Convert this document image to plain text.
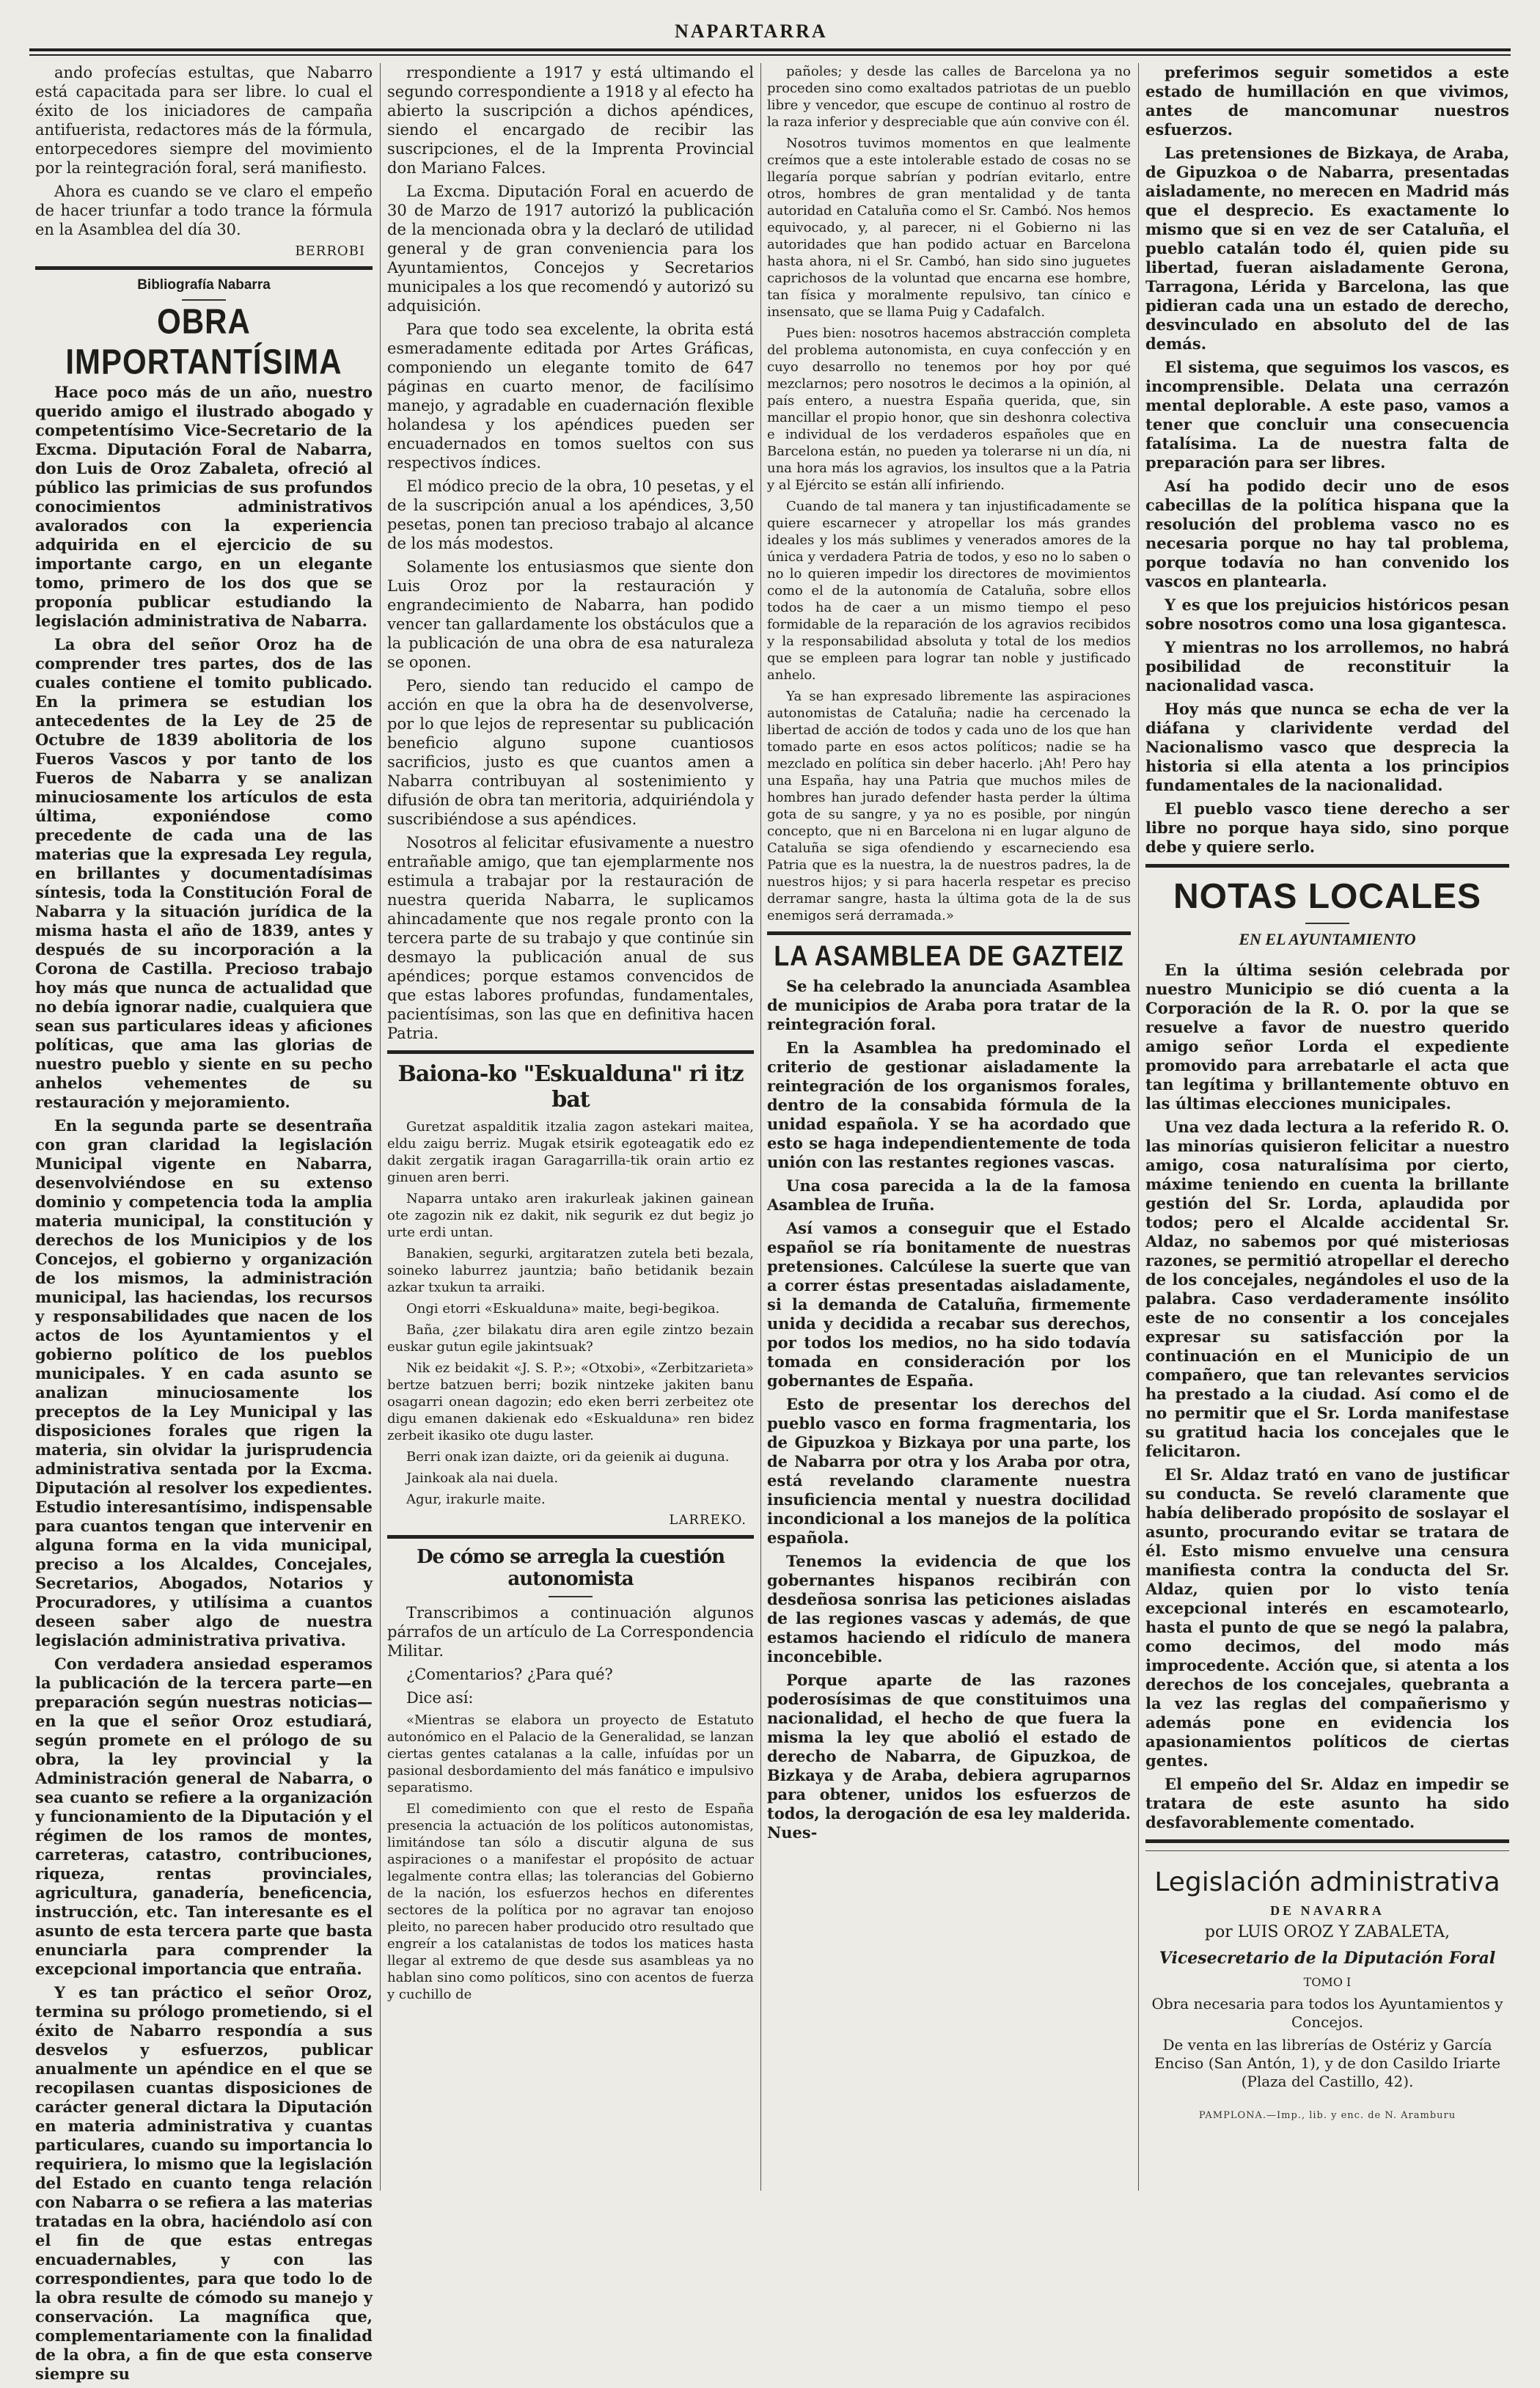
NAPARTARRA

ando profecías estultas, que Nabarro está capacitada para ser libre. lo cual el éxito de los iniciadores de campaña antifuerista, redactores más de la fórmula, entorpecedores siempre del movimiento por la reintegración foral, será manifiesto.

Ahora es cuando se ve claro el empeño de hacer triunfar a todo trance la fórmula en la Asamblea del día 30.

BERROBI
Bibliografía Nabarra
OBRA IMPORTANTÍSIMA

Hace poco más de un año, nuestro querido amigo el ilustrado abogado y competentísimo Vice-Secretario de la Excma. Diputación Foral de Nabarra, don Luis de Oroz Zabaleta, ofreció al público las primicias de sus profundos conocimientos administrativos avalorados con la experiencia adquirida en el ejercicio de su importante cargo, en un elegante tomo, primero de los dos que se proponía publicar estudiando la legislación administrativa de Nabarra.

La obra del señor Oroz ha de comprender tres partes, dos de las cuales contiene el tomito publicado. En la primera se estudian los antecedentes de la Ley de 25 de Octubre de 1839 abolitoria de los Fueros Vascos y por tanto de los Fueros de Nabarra y se analizan minuciosamente los artículos de esta última, exponiéndose como precedente de cada una de las materias que la expresada Ley regula, en brillantes y documentadísimas síntesis, toda la Constitución Foral de Nabarra y la situación jurídica de la misma hasta el año de 1839, antes y después de su incorporación a la Corona de Castilla. Precioso trabajo hoy más que nunca de actualidad que no debía ignorar nadie, cualquiera que sean sus particulares ideas y aficiones políticas, que ama las glorias de nuestro pueblo y siente en su pecho anhelos vehementes de su restauración y mejoramiento.

En la segunda parte se desentraña con gran claridad la legislación Municipal vigente en Nabarra, desenvolviéndose en su extenso dominio y competencia toda la amplia materia municipal, la constitución y derechos de los Municipios y de los Concejos, el gobierno y organización de los mismos, la administración municipal, las haciendas, los recursos y responsabilidades que nacen de los actos de los Ayuntamientos y el gobierno político de los pueblos municipales. Y en cada asunto se analizan minuciosamente los preceptos de la Ley Municipal y las disposiciones forales que rigen la materia, sin olvidar la jurisprudencia administrativa sentada por la Excma. Diputación al resolver los expedientes. Estudio interesantísimo, indispensable para cuantos tengan que intervenir en alguna forma en la vida municipal, preciso a los Alcaldes, Concejales, Secretarios, Abogados, Notarios y Procuradores, y utilísima a cuantos deseen saber algo de nuestra legislación administrativa privativa.

Con verdadera ansiedad esperamos la publicación de la tercera parte—en preparación según nuestras noticias—en la que el señor Oroz estudiará, según promete en el prólogo de su obra, la ley provincial y la Administración general de Nabarra, o sea cuanto se refiere a la organización y funcionamiento de la Diputación y el régimen de los ramos de montes, carreteras, catastro, contribuciones, riqueza, rentas provinciales, agricultura, ganadería, beneficencia, instrucción, etc. Tan interesante es el asunto de esta tercera parte que basta enunciarla para comprender la excepcional importancia que entraña.

Y es tan práctico el señor Oroz, termina su prólogo prometiendo, si el éxito de Nabarro respondía a sus desvelos y esfuerzos, publicar anualmente un apéndice en el que se recopilasen cuantas disposiciones de carácter general dictara la Diputación en materia administrativa y cuantas particulares, cuando su importancia lo requiriera, lo mismo que la legislación del Estado en cuanto tenga relación con Nabarra o se refiera a las materias tratadas en la obra, haciéndolo así con el fin de que estas entregas encuadernables, y con las correspondientes, para que todo lo de la obra resulte de cómodo su manejo y conservación. La magnífica que, complementariamente con la finalidad de la obra, a fin de que esta conserve siempre su

rrespondiente a 1917 y está ultimando el segundo correspondiente a 1918 y al efecto ha abierto la suscripción a dichos apéndices, siendo el encargado de recibir las suscripciones, el de la Imprenta Provincial don Mariano Falces.

La Excma. Diputación Foral en acuerdo de 30 de Marzo de 1917 autorizó la publicación de la mencionada obra y la declaró de utilidad general y de gran conveniencia para los Ayuntamientos, Concejos y Secretarios municipales a los que recomendó y autorizó su adquisición.

Para que todo sea excelente, la obrita está esmeradamente editada por Artes Gráficas, componiendo un elegante tomito de 647 páginas en cuarto menor, de facilísimo manejo, y agradable en cuadernación flexible holandesa y los apéndices pueden ser encuadernados en tomos sueltos con sus respectivos índices.

El módico precio de la obra, 10 pesetas, y el de la suscripción anual a los apéndices, 3,50 pesetas, ponen tan precioso trabajo al alcance de los más modestos.

Solamente los entusiasmos que siente don Luis Oroz por la restauración y engrandecimiento de Nabarra, han podido vencer tan gallardamente los obstáculos que a la publicación de una obra de esa naturaleza se oponen.

Pero, siendo tan reducido el campo de acción en que la obra ha de desenvolverse, por lo que lejos de representar su publicación beneficio alguno supone cuantiosos sacrificios, justo es que cuantos amen a Nabarra contribuyan al sostenimiento y difusión de obra tan meritoria, adquiriéndola y suscribiéndose a sus apéndices.

Nosotros al felicitar efusivamente a nuestro entrañable amigo, que tan ejemplarmente nos estimula a trabajar por la restauración de nuestra querida Nabarra, le suplicamos ahincadamente que nos regale pronto con la tercera parte de su trabajo y que continúe sin desmayo la publicación anual de sus apéndices; porque estamos convencidos de que estas labores profundas, fundamentales, pacientísimas, son las que en definitiva hacen Patria.

Baiona-ko "Eskualduna" ri itz bat

Guretzat aspalditik itzalia zagon astekari maitea, eldu zaigu berriz. Mugak etsirik egoteagatik edo ez dakit zergatik iragan Garagarrilla-tik orain artio ez ginuen aren berri.

Naparra untako aren irakurleak jakinen gainean ote zagozin nik ez dakit, nik segurik ez dut begiz jo urte erdi untan.

Banakien, segurki, argitaratzen zutela beti bezala, soineko laburrez jauntzia; baño betidanik bezain azkar txukun ta arraiki.

Ongi etorri «Eskualduna» maite, begi-begikoa.

Baña, ¿zer bilakatu dira aren egile zintzo bezain euskar gutun egile jakintsuak?

Nik ez beidakit «J. S. P.»; «Otxobi», «Zerbitzarieta» bertze batzuen berri; bozik nintzeke jakiten banu osagarri onean dagozin; edo eken berri zerbeitez ote digu emanen dakienak edo «Eskualduna» ren bidez zerbeit ikasiko ote dugu laster.

Berri onak izan daizte, ori da geienik ai duguna.

Jainkoak ala nai duela.

Agur, irakurle maite.

LARREKO.
De cómo se arregla la cuestión autonomista

Transcribimos a continuación algunos párrafos de un artículo de La Correspondencia Militar.

¿Comentarios? ¿Para qué?

Dice así:

«Mientras se elabora un proyecto de Estatuto autonómico en el Palacio de la Generalidad, se lanzan ciertas gentes catalanas a la calle, infuídas por un pasional desbordamiento del más fanático e impulsivo separatismo.

El comedimiento con que el resto de España presencia la actuación de los políticos autonomistas, limitándose tan sólo a discutir alguna de sus aspiraciones o a manifestar el propósito de actuar legalmente contra ellas; las tolerancias del Gobierno de la nación, los esfuerzos hechos en diferentes sectores de la política por no agravar tan enojoso pleito, no parecen haber producido otro resultado que engreír a los catalanistas de todos los matices hasta llegar al extremo de que desde sus asambleas ya no hablan sino como políticos, sino con acentos de fuerza y cuchillo de

pañoles; y desde las calles de Barcelona ya no proceden sino como exaltados patriotas de un pueblo libre y vencedor, que escupe de continuo al rostro de la raza inferior y despreciable que aún convive con él.

Nosotros tuvimos momentos en que lealmente creímos que a este intolerable estado de cosas no se llegaría porque sabrían y podrían evitarlo, entre otros, hombres de gran mentalidad y de tanta autoridad en Cataluña como el Sr. Cambó. Nos hemos equivocado, y, al parecer, ni el Gobierno ni las autoridades que han podido actuar en Barcelona hasta ahora, ni el Sr. Cambó, han sido sino juguetes caprichosos de la voluntad que encarna ese hombre, tan física y moralmente repulsivo, tan cínico e insensato, que se llama Puig y Cadafalch.

Pues bien: nosotros hacemos abstracción completa del problema autonomista, en cuya confección y en cuyo desarrollo no tenemos por hoy por qué mezclarnos; pero nosotros le decimos a la opinión, al país entero, a nuestra España querida, que, sin mancillar el propio honor, que sin deshonra colectiva e individual de los verdaderos españoles que en Barcelona están, no pueden ya tolerarse ni un día, ni una hora más los agravios, los insultos que a la Patria y al Ejército se están allí infiriendo.

Cuando de tal manera y tan injustificadamente se quiere escarnecer y atropellar los más grandes ideales y los más sublimes y venerados amores de la única y verdadera Patria de todos, y eso no lo saben o no lo quieren impedir los directores de movimientos como el de la autonomía de Cataluña, sobre ellos todos ha de caer a un mismo tiempo el peso formidable de la reparación de los agravios recibidos y la responsabilidad absoluta y total de los medios que se empleen para lograr tan noble y justificado anhelo.

Ya se han expresado libremente las aspiraciones autonomistas de Cataluña; nadie ha cercenado la libertad de acción de todos y cada uno de los que han tomado parte en esos actos políticos; nadie se ha mezclado en política sin deber hacerlo. ¡Ah! Pero hay una España, hay una Patria que muchos miles de hombres han jurado defender hasta perder la última gota de su sangre, y ya no es posible, por ningún concepto, que ni en Barcelona ni en lugar alguno de Cataluña se siga ofendiendo y escarneciendo esa Patria que es la nuestra, la de nuestros padres, la de nuestros hijos; y si para hacerla respetar es preciso derramar sangre, hasta la última gota de la de sus enemigos será derramada.»

LA ASAMBLEA DE GAZTEIZ

Se ha celebrado la anunciada Asamblea de municipios de Araba pora tratar de la reintegración foral.

En la Asamblea ha predominado el criterio de gestionar aisladamente la reintegración de los organismos forales, dentro de la consabida fórmula de la unidad española. Y se ha acordado que esto se haga independientemente de toda unión con las restantes regiones vascas.

Una cosa parecida a la de la famosa Asamblea de Iruña.

Así vamos a conseguir que el Estado español se ría bonitamente de nuestras pretensiones. Calcúlese la suerte que van a correr éstas presentadas aisladamente, si la demanda de Cataluña, firmemente unida y decidida a recabar sus derechos, por todos los medios, no ha sido todavía tomada en consideración por los gobernantes de España.

Esto de presentar los derechos del pueblo vasco en forma fragmentaria, los de Gipuzkoa y Bizkaya por una parte, los de Nabarra por otra y los Araba por otra, está revelando claramente nuestra insuficiencia mental y nuestra docilidad incondicional a los manejos de la política española.

Tenemos la evidencia de que los gobernantes hispanos recibirán con desdeñosa sonrisa las peticiones aisladas de las regiones vascas y además, de que estamos haciendo el ridículo de manera inconcebible.

Porque aparte de las razones poderosísimas de que constituimos una nacionalidad, el hecho de que fuera la misma la ley que abolió el estado de derecho de Nabarra, de Gipuzkoa, de Bizkaya y de Araba, debiera agruparnos para obtener, unidos los esfuerzos de todos, la derogación de esa ley malderida. Nues-

preferimos seguir sometidos a este estado de humillación en que vivimos, antes de mancomunar nuestros esfuerzos.

Las pretensiones de Bizkaya, de Araba, de Gipuzkoa o de Nabarra, presentadas aisladamente, no merecen en Madrid más que el desprecio. Es exactamente lo mismo que si en vez de ser Cataluña, el pueblo catalán todo él, quien pide su libertad, fueran aisladamente Gerona, Tarragona, Lérida y Barcelona, las que pidieran cada una un estado de derecho, desvinculado en absoluto del de las demás.

El sistema, que seguimos los vascos, es incomprensible. Delata una cerrazón mental deplorable. A este paso, vamos a tener que concluir una consecuencia fatalísima. La de nuestra falta de preparación para ser libres.

Así ha podido decir uno de esos cabecillas de la política hispana que la resolución del problema vasco no es necesaria porque no hay tal problema, porque todavía no han convenido los vascos en plantearla.

Y es que los prejuicios históricos pesan sobre nosotros como una losa gigantesca.

Y mientras no los arrollemos, no habrá posibilidad de reconstituir la nacionalidad vasca.

Hoy más que nunca se echa de ver la diáfana y clarividente verdad del Nacionalismo vasco que desprecia la historia si ella atenta a los principios fundamentales de la nacionalidad.

El pueblo vasco tiene derecho a ser libre no porque haya sido, sino porque debe y quiere serlo.

NOTAS LOCALES
EN EL AYUNTAMIENTO

En la última sesión celebrada por nuestro Municipio se dió cuenta a la Corporación de la R. O. por la que se resuelve a favor de nuestro querido amigo señor Lorda el expediente promovido para arrebatarle el acta que tan legítima y brillantemente obtuvo en las últimas elecciones municipales.

Una vez dada lectura a la referido R. O. las minorías quisieron felicitar a nuestro amigo, cosa naturalísima por cierto, máxime teniendo en cuenta la brillante gestión del Sr. Lorda, aplaudida por todos; pero el Alcalde accidental Sr. Aldaz, no sabemos por qué misteriosas razones, se permitió atropellar el derecho de los concejales, negándoles el uso de la palabra. Caso verdaderamente insólito este de no consentir a los concejales expresar su satisfacción por la continuación en el Municipio de un compañero, que tan relevantes servicios ha prestado a la ciudad. Así como el de no permitir que el Sr. Lorda manifestase su gratitud hacia los concejales que le felicitaron.

El Sr. Aldaz trató en vano de justificar su conducta. Se reveló claramente que había deliberado propósito de soslayar el asunto, procurando evitar se tratara de él. Esto mismo envuelve una censura manifiesta contra la conducta del Sr. Aldaz, quien por lo visto tenía excepcional interés en escamotearlo, hasta el punto de que se negó la palabra, como decimos, del modo más improcedente. Acción que, si atenta a los derechos de los concejales, quebranta a la vez las reglas del compañerismo y además pone en evidencia los apasionamientos políticos de ciertas gentes.

El empeño del Sr. Aldaz en impedir se tratara de este asunto ha sido desfavorablemente comentado.

Legislación administrativa
DE NAVARRA
por LUIS OROZ Y ZABALETA,
Vicesecretario de la Diputación Foral
TOMO I

Obra necesaria para todos los Ayuntamientos y Concejos.

De venta en las librerías de Ostériz y García Enciso (San Antón, 1), y de don Casildo Iriarte (Plaza del Castillo, 42).

PAMPLONA.—Imp., lib. y enc. de N. Aramburu
